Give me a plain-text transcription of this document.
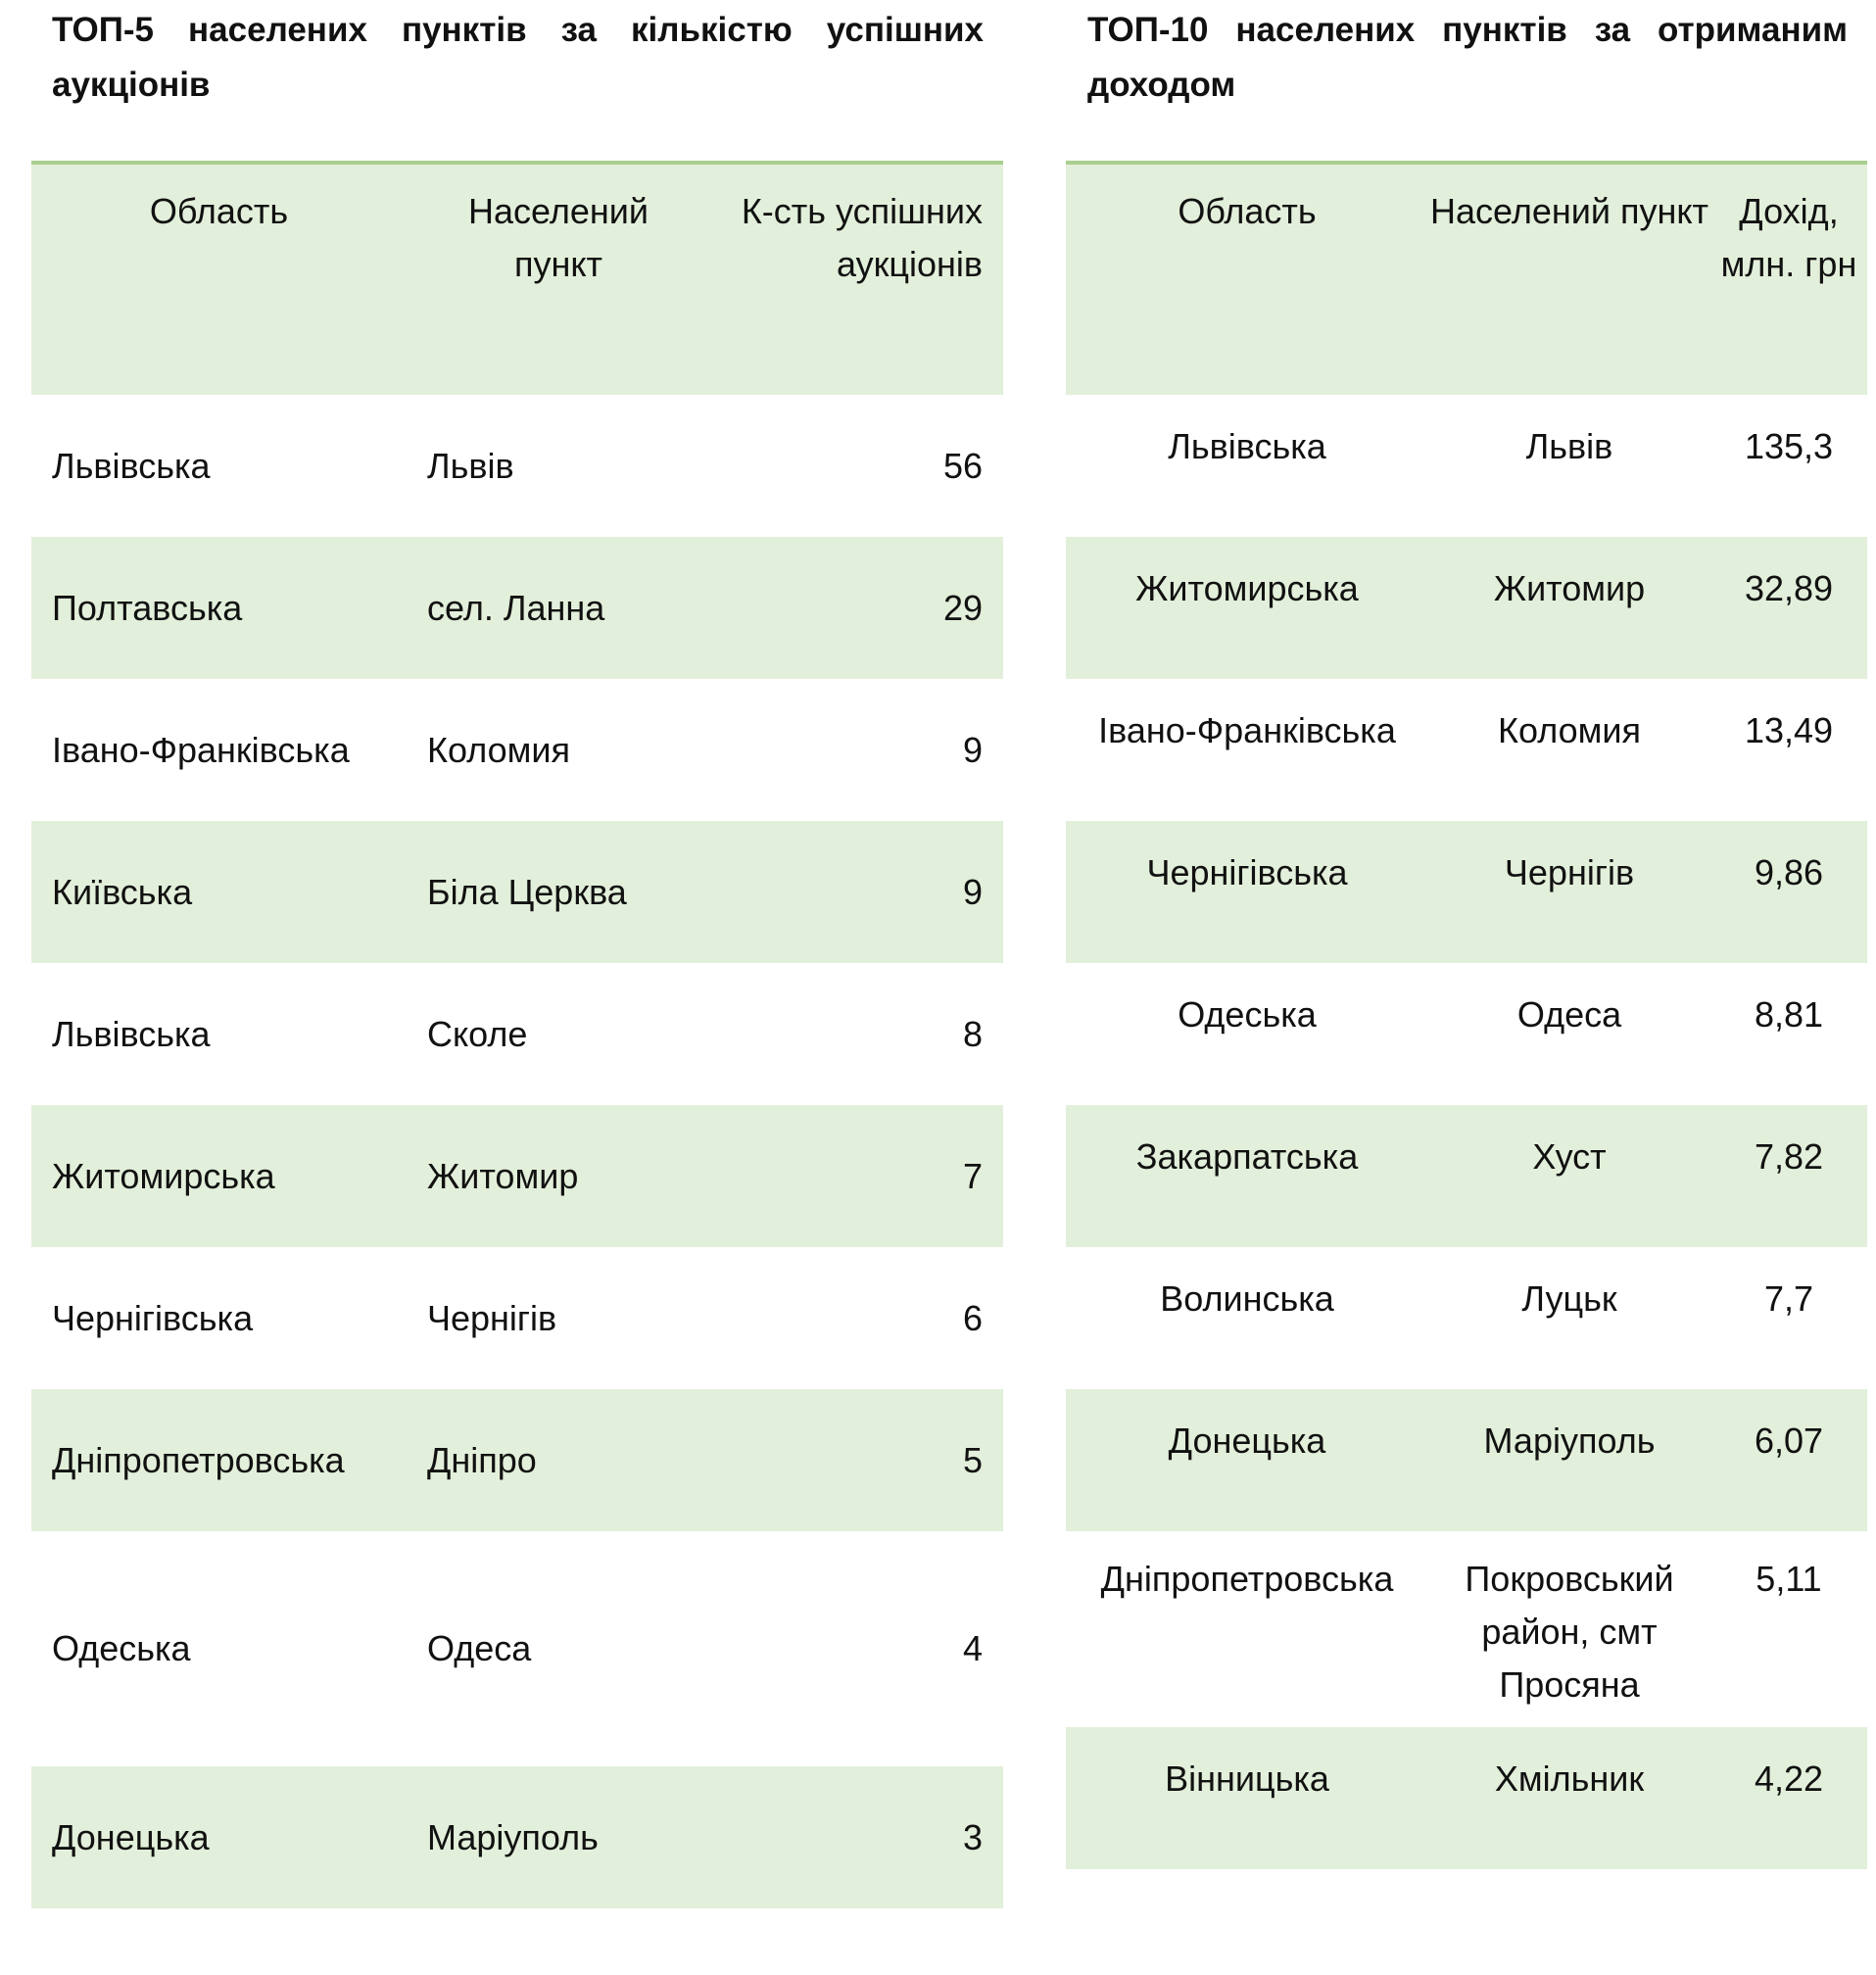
ТОП-5 населених пунктів за кількістю успішних аукціонів

Область	Населений пункт	К-сть успішних аукціонів
Львівська	Львів	56
Полтавська	сел. Ланна	29
Івано-Франківська	Коломия	9
Київська	Біла Церква	9
Львівська	Сколе	8
Житомирська	Житомир	7
Чернігівська	Чернігів	6
Дніпропетровська	Дніпро	5
Одеська	Одеса	4
Донецька	Маріуполь	3

ТОП-10 населених пунктів за отриманим доходом

Область	Населений пункт	Дохід, млн. грн
Львівська	Львів	135,3
Житомирська	Житомир	32,89
Івано-Франківська	Коломия	13,49
Чернігівська	Чернігів	9,86
Одеська	Одеса	8,81
Закарпатська	Хуст	7,82
Волинська	Луцьк	7,7
Донецька	Маріуполь	6,07
Дніпропетровська	Покровський район, смт Просяна	5,11
Вінницька	Хмільник	4,22
